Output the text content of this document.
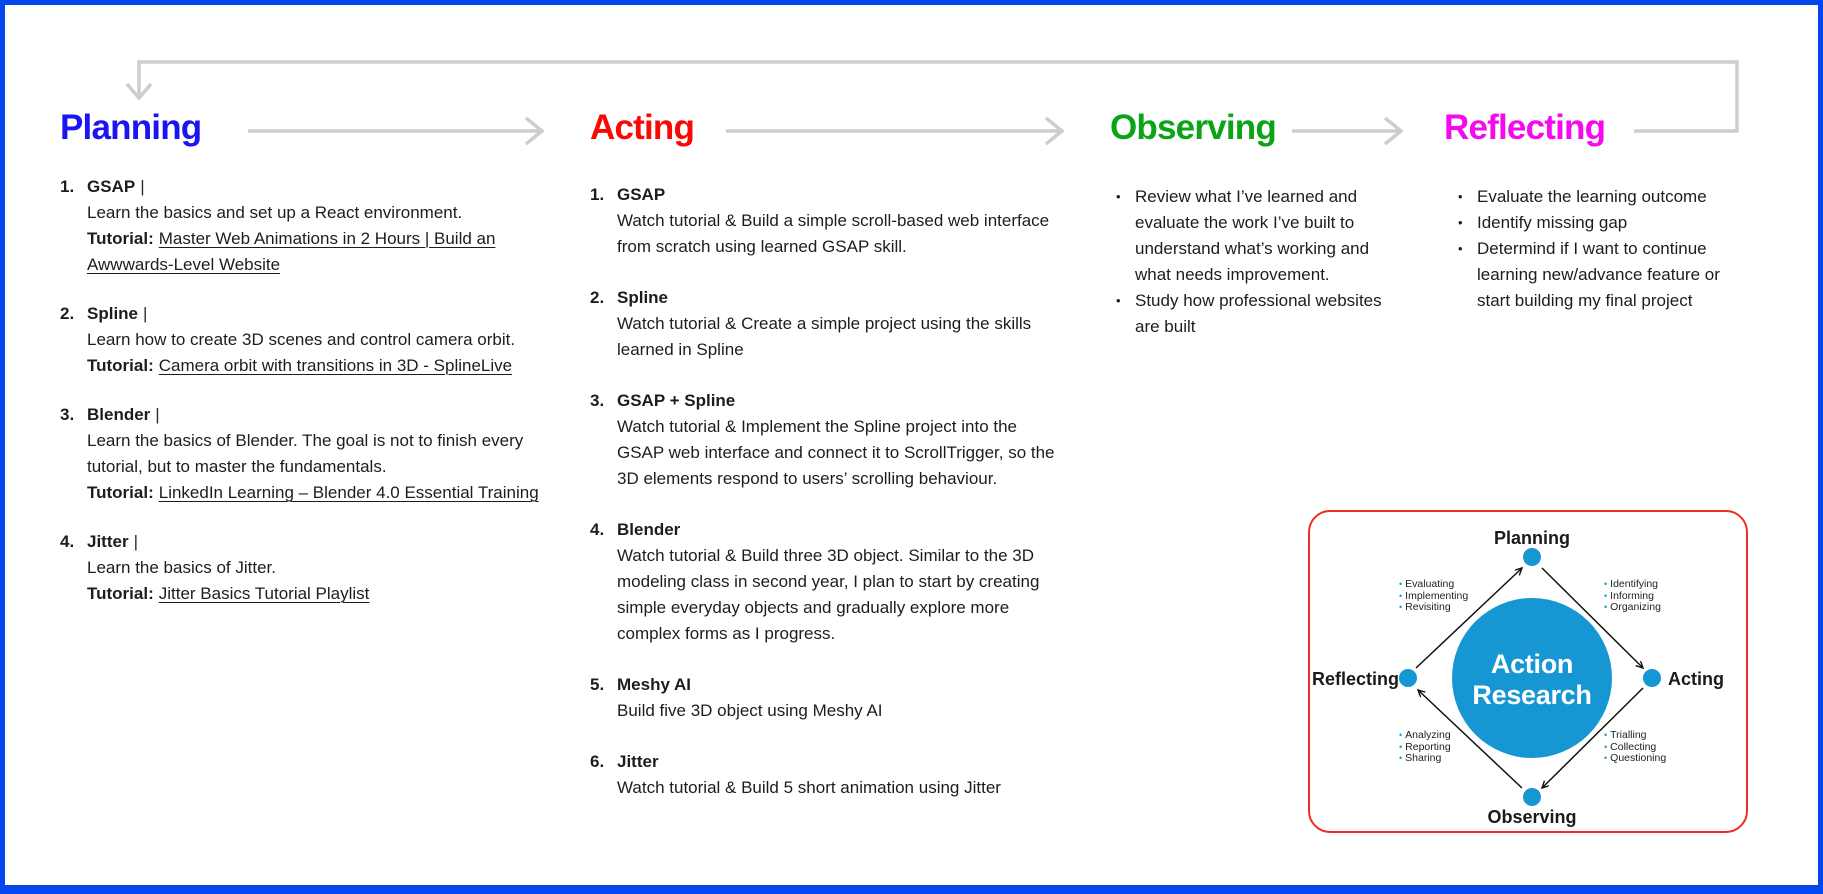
Planning	Acting	Observing	Reflecting
1. GSAP |
Learn the basics and set up a React environment.
Tutorial: Master Web Animations in 2 Hours | Build an Awwwards-Level Website
2. Spline |
Learn how to create 3D scenes and control camera orbit.
Tutorial: Camera orbit with transitions in 3D - SplineLive
3. Blender |
Learn the basics of Blender. The goal is not to finish every tutorial, but to master the fundamentals.
Tutorial: LinkedIn Learning – Blender 4.0 Essential Training
4. Jitter |
Learn the basics of Jitter.
Tutorial: Jitter Basics Tutorial Playlist
1. GSAP
Watch tutorial & Build a simple scroll-based web interface from scratch using learned GSAP skill.
2. Spline
Watch tutorial & Create a simple project using the skills learned in Spline
3. GSAP + Spline
Watch tutorial & Implement the Spline project into the GSAP web interface and connect it to ScrollTrigger, so the 3D elements respond to users’ scrolling behaviour.
4. Blender
Watch tutorial & Build three 3D object. Similar to the 3D modeling class in second year, I plan to start by creating simple everyday objects and gradually explore more complex forms as I progress.
5. Meshy AI
Build five 3D object using Meshy AI
6. Jitter
Watch tutorial & Build 5 short animation using Jitter
• Review what I’ve learned and evaluate the work I’ve built to understand what’s working and what needs improvement.
• Study how professional websites are built
• Evaluate the learning outcome
• Identify missing gap
• Determind if I want to continue learning new/advance feature or start building my final project
Planning
Acting
Observing
Reflecting	Action
Research
• Evaluating
• Implementing
• Revisiting
• Identifying
• Informing
• Organizing
• Analyzing
• Reporting
• Sharing
• Trialling
• Collecting
• Questioning
